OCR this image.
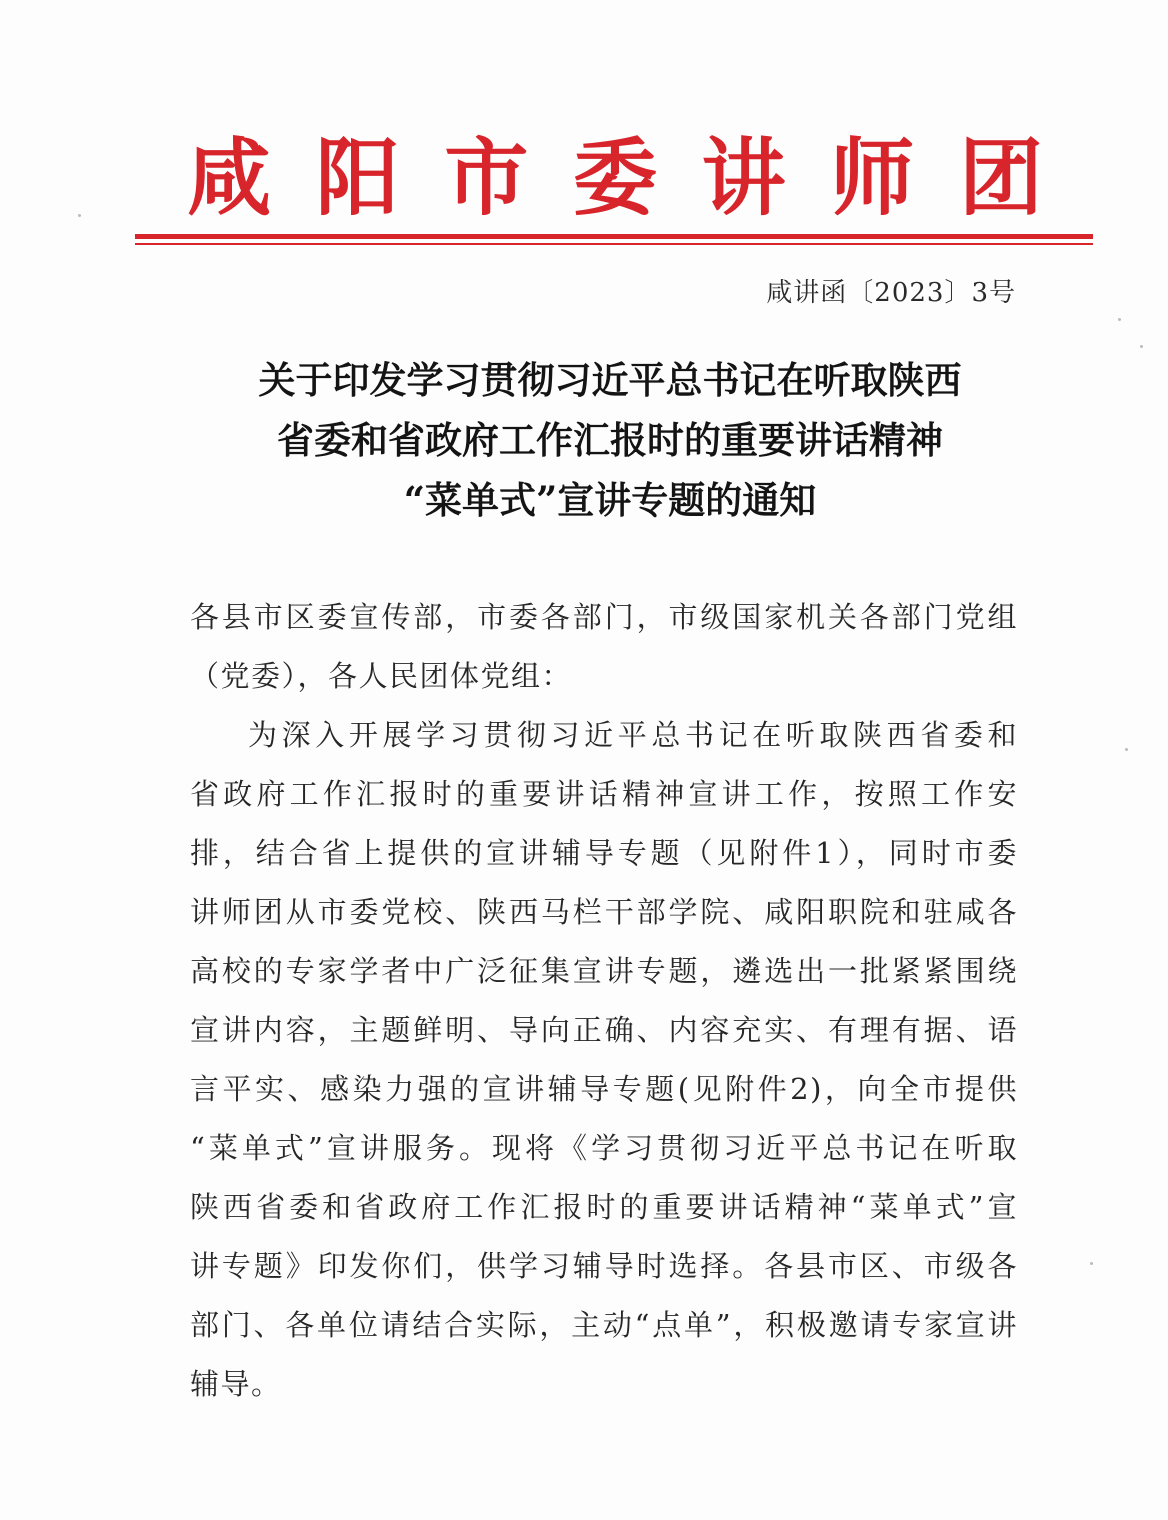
咸 阳 市 委 讲 师 团
咸讲函〔2023〕3号
关于印发学习贯彻习近平总书记在听取陕西
省委和省政府工作汇报时的重要讲话精神
“菜单式”宣讲专题的通知
各县市区委宣传部，市委各部门，市级国家机关各部门党组
（党委），各人民团体党组：
为深入开展学习贯彻习近平总书记在听取陕西省委和
省政府工作汇报时的重要讲话精神宣讲工作，按照工作安
排，结合省上提供的宣讲辅导专题（见附件1），同时市委
讲师团从市委党校、陕西马栏干部学院、咸阳职院和驻咸各
高校的专家学者中广泛征集宣讲专题，遴选出一批紧紧围绕
宣讲内容，主题鲜明、导向正确、内容充实、有理有据、语
言平实、感染力强的宣讲辅导专题(见附件2)，向全市提供
“菜单式”宣讲服务。现将《学习贯彻习近平总书记在听取
陕西省委和省政府工作汇报时的重要讲话精神“菜单式”宣
讲专题》印发你们，供学习辅导时选择。各县市区、市级各
部门、各单位请结合实际，主动“点单”，积极邀请专家宣讲
辅导。
